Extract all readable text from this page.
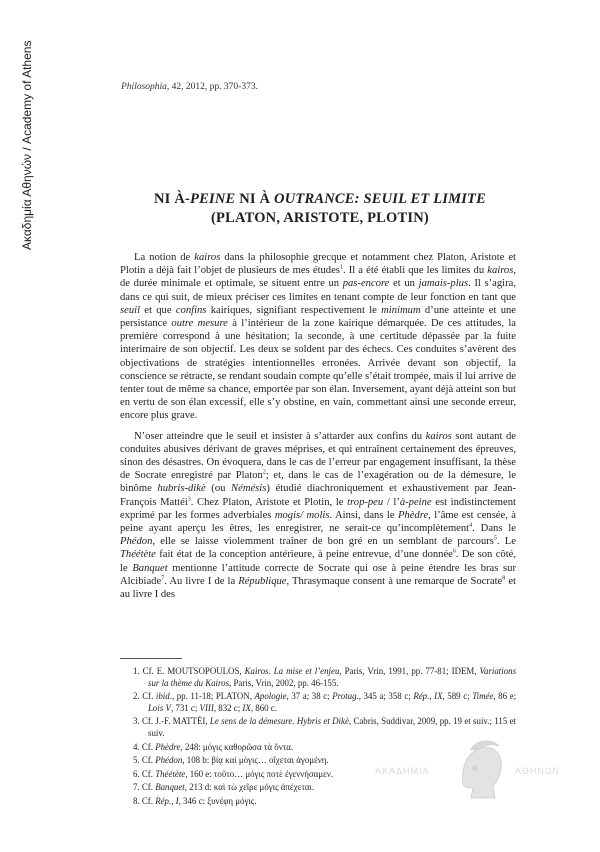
Ακαδημία Αθηνών / Academy of Athens	Philosophia, 42, 2012, pp. 370-373.
NI À-PEINE NI À OUTRANCE: SEUIL ET LIMITE
(PLATON, ARISTOTE, PLOTIN)

La notion de kairos dans la philosophie grecque et notamment chez Platon, Aristote et Plotin a déjà fait l’objet de plusieurs de mes études$^1$. Il a été établi que les limites du kairos, de durée minimale et optimale, se situent entre un pas-encore et un jamais-plus. Il s’agira, dans ce qui suit, de mieux préciser ces limites en tenant compte de leur fonction en tant que seuil et que confins kairiques, signifiant respectivement le minimum d’une atteinte et une persistance outre mesure à l’intérieur de la zone kairique démarquée. De ces attitudes, la première correspond à une hésitation; la seconde, à une certitude dépassée par la fuite interimaire de son objectif. Les deux se soldent par des échecs. Ces conduites s’avèrent des objectivations de stratégies intentionnelles erronées. Arrivée devant son objectif, la conscience se rétracte, se rendant soudain compte qu’elle s’était trompée, mais il lui arrive de tenter tout de même sa chance, emportée par son élan. Inversement, ayant déjà atteint son but en vertu de son élan excessif, elle s’y obstine, en vain, commettant ainsi une seconde erreur, encore plus grave.

N’oser atteindre que le seuil et insister à s’attarder aux confins du kairos sont autant de conduites abusives dérivant de graves méprises, et qui entraînent certainement des épreuves, sinon des désastres. On évoquera, dans le cas de l’erreur par engagement insuffisant, la thèse de Socrate enregistré par Platon$^2$; et, dans le cas de l’exagération ou de la démesure, le binôme hubris-dikè (ou Némésis) étudié diachroniquement et exhaustivement par Jean-François Mattéi$^3$. Chez Platon, Aristote et Plotin, le trop-peu / l’à-peine est indistinctement exprimé par les formes adverbiales mogis/ molis. Ainsi, dans le Phèdre, l’âme est censée, à peine ayant aperçu les êtres, les enregistrer, ne serait-ce qu’incomplètement$^4$. Dans le Phédon, elle se laisse violemment traîner de bon gré en un semblant de parcours$^5$. Le Théétète fait état de la conception antérieure, à peine entrevue, d’une donnée$^6$. De son côté, le Banquet mentionne l’attitude correcte de Socrate qui ose à peine étendre les bras sur Alcibiade$^7$. Au livre I de la République, Thrasymaque consent à une remarque de Socrate$^8$ et au livre I des

1. Cf. E. MOUTSOPOULOS, Kairos. La mise et l’enjeu, Paris, Vrin, 1991, pp. 77-81; IDEM, Variations sur la thème du Kairos, Paris, Vrin, 2002, pp. 46-155.

2. Cf. ibid., pp. 11-18; PLATON, Apologie, 37 a; 38 c; Protag., 345 a; 358 c; Rép., IX, 589 c; Timée, 86 e; Lois V, 731 c; VIII, 832 c; IX, 860 c.

3. Cf. J.-F. MATTÉI, Le sens de la démesure. Hybris et Dikè, Cabris, Suddivar, 2009, pp. 19 et suiv.; 115 et suiv.

4. Cf. Phèdre, 248: μόγις καθορῶσα τὰ ὄντα.

5. Cf. Phédon, 108 b: βίᾳ καὶ μόγις… οἴχεται ἀγομένη.

6. Cf. Théétète, 160 e: τοῦτο… μόγις ποτὲ ἐγεννήσαμεν.

7. Cf. Banquet, 213 d: καὶ τὼ χεῖρε μόγις ἀπέχεται.

8. Cf. Rép., I, 346 c: ξυνέφη μόγις.

ΑΚΑΔΗΜΙΑ	ΑΘΗΝΩΝ
